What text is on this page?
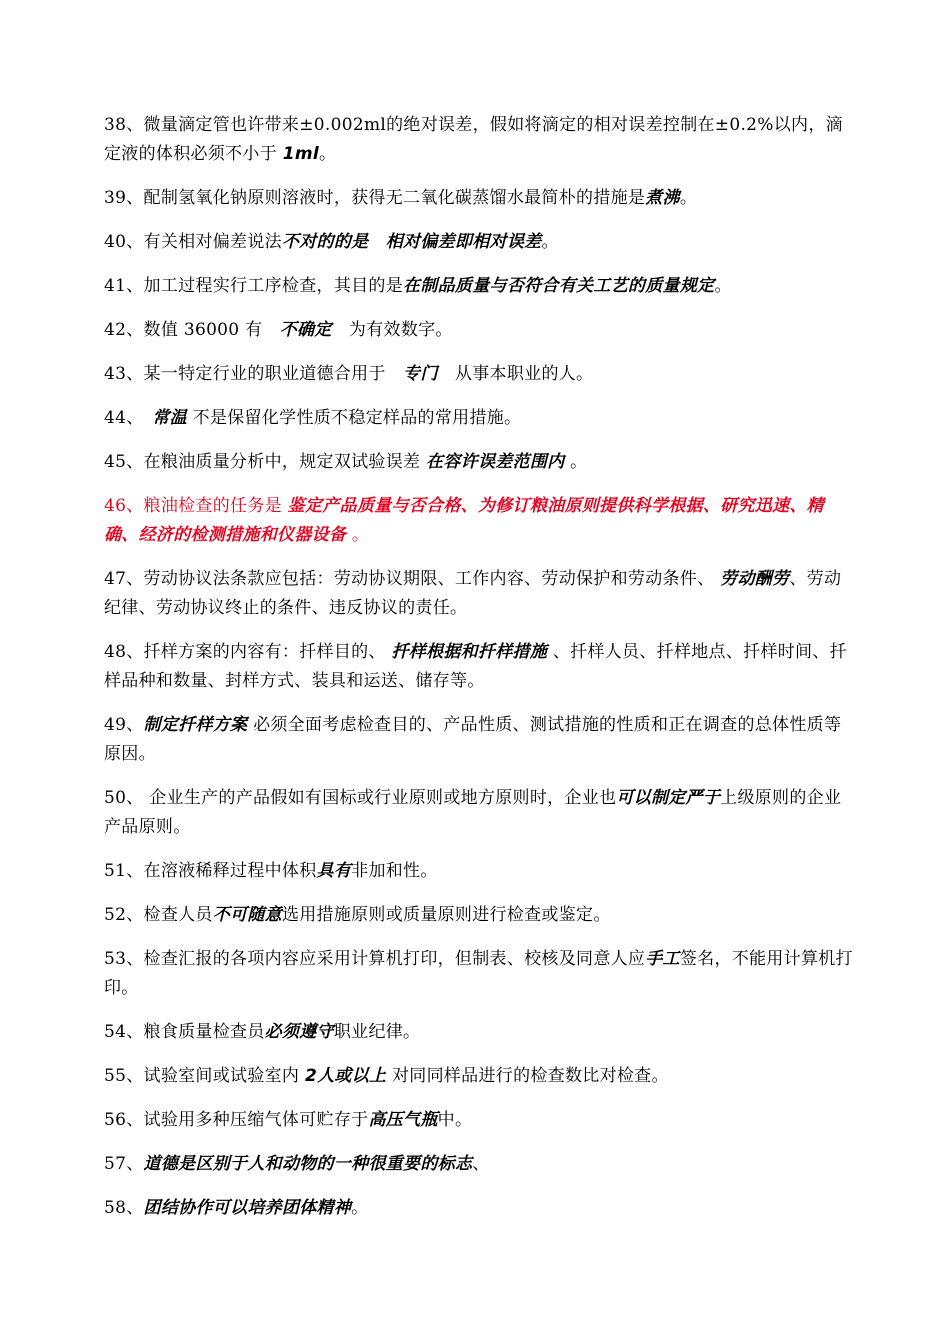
38、微量滴定管也许带来±0.002ml的绝对误差，假如将滴定的相对误差控制在±0.2%以内，滴定液的体积必须不小于 1ml。

39、配制氢氧化钠原则溶液时，获得无二氧化碳蒸馏水最简朴的措施是煮沸。

40、有关相对偏差说法不对的的是　相对偏差即相对误差。

41、加工过程实行工序检查，其目的是在制品质量与否符合有关工艺的质量规定。

42、数值 36000 有　不确定　为有效数字。

43、某一特定行业的职业道德合用于　专门　从事本职业的人。

44、　常温 不是保留化学性质不稳定样品的常用措施。

45、在粮油质量分析中，规定双试验误差 在容许误差范围内 。

46、粮油检查的任务是 鉴定产品质量与否合格、为修订粮油原则提供科学根据、研究迅速、精确、经济的检测措施和仪器设备 。

47、劳动协议法条款应包括：劳动协议期限、工作内容、劳动保护和劳动条件、 劳动酬劳、劳动纪律、劳动协议终止的条件、违反协议的责任。

48、扦样方案的内容有：扦样目的、 扦样根据和扦样措施 、扦样人员、扦样地点、扦样时间、扦样品种和数量、封样方式、装具和运送、储存等。

49、制定扦样方案 必须全面考虑检查目的、产品性质、测试措施的性质和正在调查的总体性质等原因。

50、 企业生产的产品假如有国标或行业原则或地方原则时，企业也可以制定严于上级原则的企业产品原则。

51、在溶液稀释过程中体积具有非加和性。

52、检查人员不可随意选用措施原则或质量原则进行检查或鉴定。

53、检查汇报的各项内容应采用计算机打印，但制表、校核及同意人应手工签名，不能用计算机打印。

54、粮食质量检查员必须遵守职业纪律。

55、试验室间或试验室内 2人或以上 对同同样品进行的检查数比对检查。

56、试验用多种压缩气体可贮存于高压气瓶中。

57、道德是区别于人和动物的一种很重要的标志、

58、团结协作可以培养团体精神。
